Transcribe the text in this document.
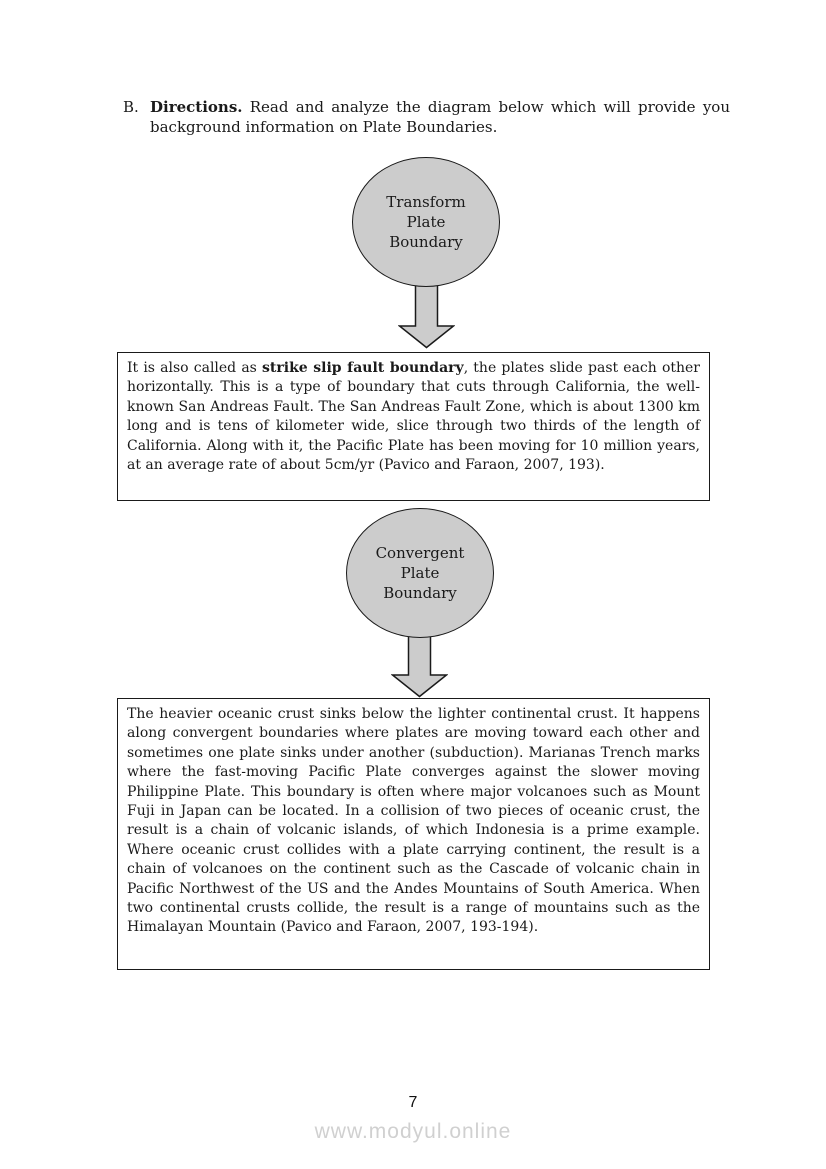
B. Directions. Read and analyze the diagram below which will provide you background information on Plate Boundaries.
Transform
Plate
Boundary
It is also called as strike slip fault boundary, the plates slide past each other horizontally. This is a type of boundary that cuts through California, the well-known San Andreas Fault. The San Andreas Fault Zone, which is about 1300 km long and is tens of kilometer wide, slice through two thirds of the length of California. Along with it, the Pacific Plate has been moving for 10 million years, at an average rate of about 5cm/yr (Pavico and Faraon, 2007, 193).
Convergent
Plate
Boundary
The heavier oceanic crust sinks below the lighter continental crust. It happens along convergent boundaries where plates are moving toward each other and sometimes one plate sinks under another (subduction). Marianas Trench marks where the fast-moving Pacific Plate converges against the slower moving Philippine Plate. This boundary is often where major volcanoes such as Mount Fuji in Japan can be located. In a collision of two pieces of oceanic crust, the result is a chain of volcanic islands, of which Indonesia is a prime example. Where oceanic crust collides with a plate carrying continent, the result is a chain of volcanoes on the continent such as the Cascade of volcanic chain in Pacific Northwest of the US and the Andes Mountains of South America. When two continental crusts collide, the result is a range of mountains such as the Himalayan Mountain (Pavico and Faraon, 2007, 193-194).
7
www.modyul.online
